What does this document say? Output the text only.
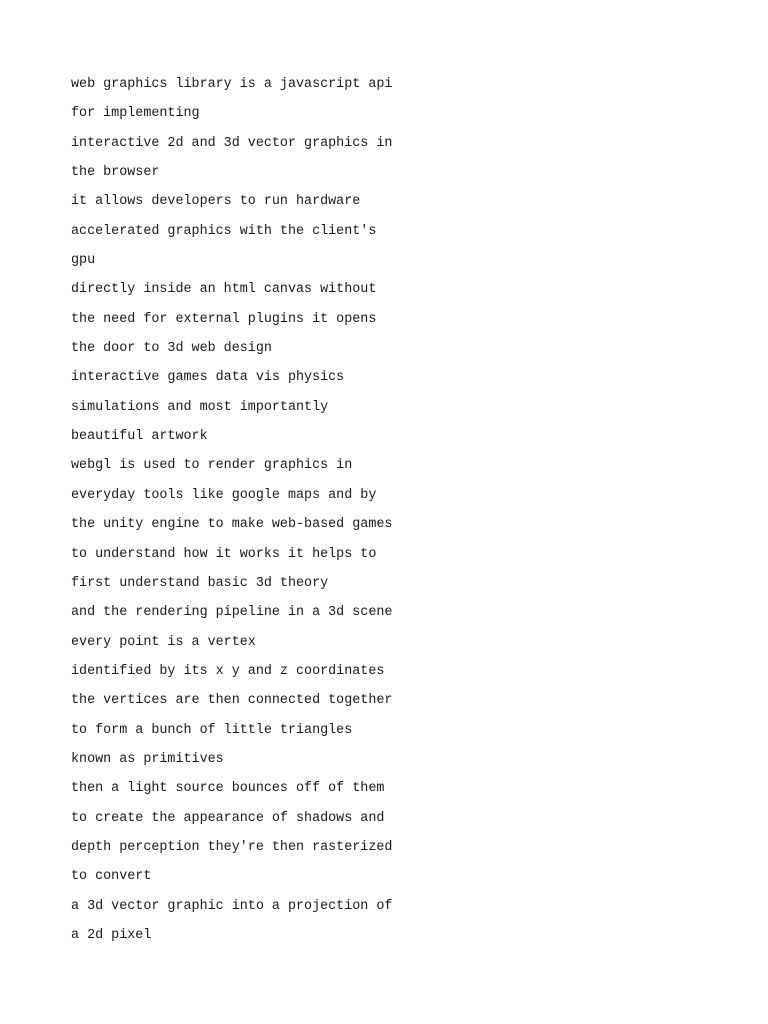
web graphics library is a javascript api
for implementing
interactive 2d and 3d vector graphics in
the browser
it allows developers to run hardware
accelerated graphics with the client's
gpu
directly inside an html canvas without
the need for external plugins it opens
the door to 3d web design
interactive games data vis physics
simulations and most importantly
beautiful artwork
webgl is used to render graphics in
everyday tools like google maps and by
the unity engine to make web-based games
to understand how it works it helps to
first understand basic 3d theory
and the rendering pipeline in a 3d scene
every point is a vertex
identified by its x y and z coordinates
the vertices are then connected together
to form a bunch of little triangles
known as primitives
then a light source bounces off of them
to create the appearance of shadows and
depth perception they're then rasterized
to convert
a 3d vector graphic into a projection of
a 2d pixel
